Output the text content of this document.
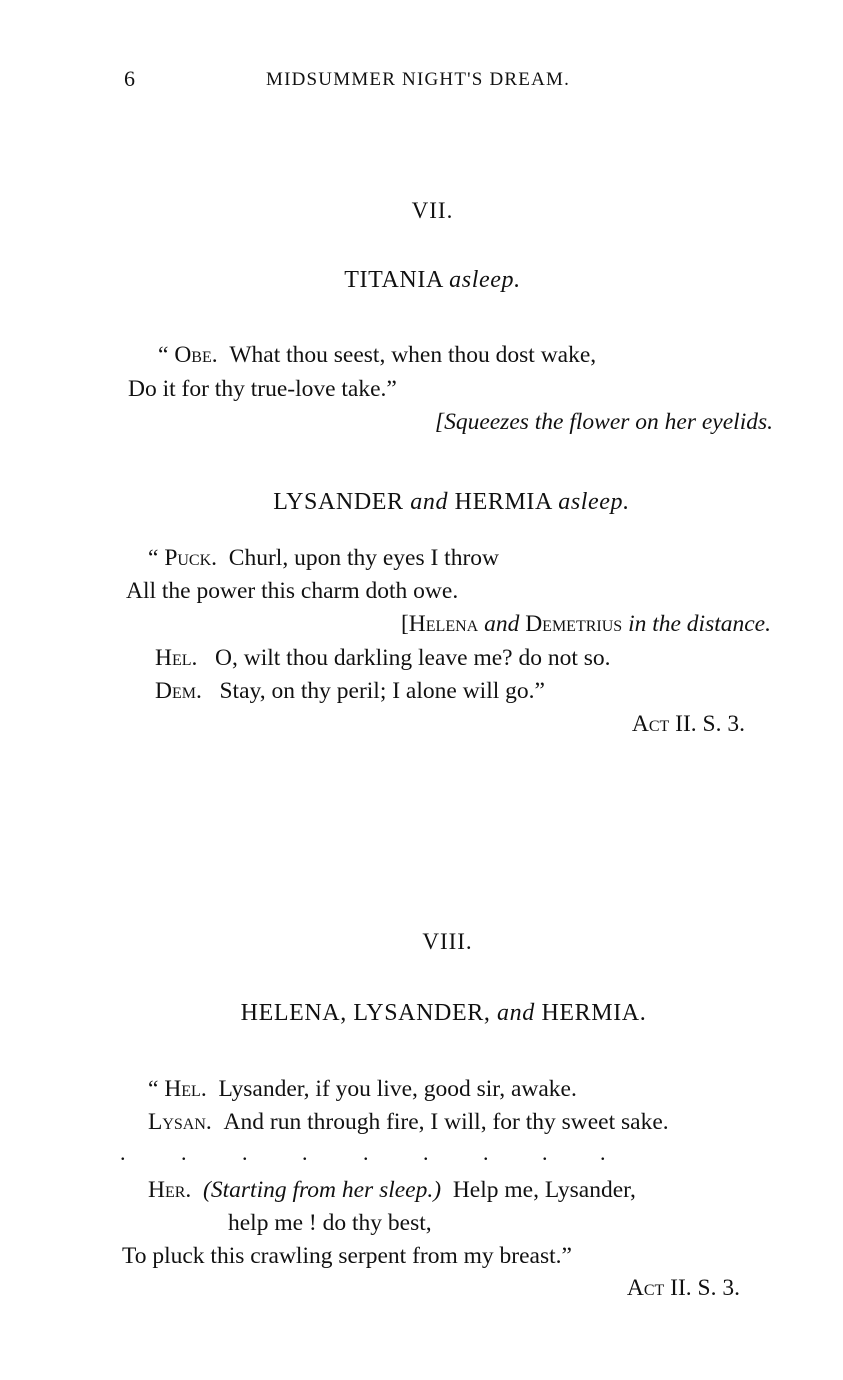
6	MIDSUMMER NIGHT'S DREAM.
VII.
TITANIA asleep.
“ Obe. What thou seest, when thou dost wake,
Do it for thy true-love take.”
[Squeezes the flower on her eyelids.
LYSANDER and HERMIA asleep.
“ Puck. Churl, upon thy eyes I throw
All the power this charm doth owe.
[Helena and Demetrius in the distance.
Hel. O, wilt thou darkling leave me? do not so.
Dem. Stay, on thy peril; I alone will go.”
Act II. S. 3.
VIII.
HELENA, LYSANDER, and HERMIA.
“ Hel. Lysander, if you live, good sir, awake.
Lysan. And run through fire, I will, for thy sweet sake.
.	.	. .	. . . . .
Her. (Starting from her sleep.) Help me, Lysander,
help me ! do thy best,
To pluck this crawling serpent from my breast.”
Act II. S. 3.
